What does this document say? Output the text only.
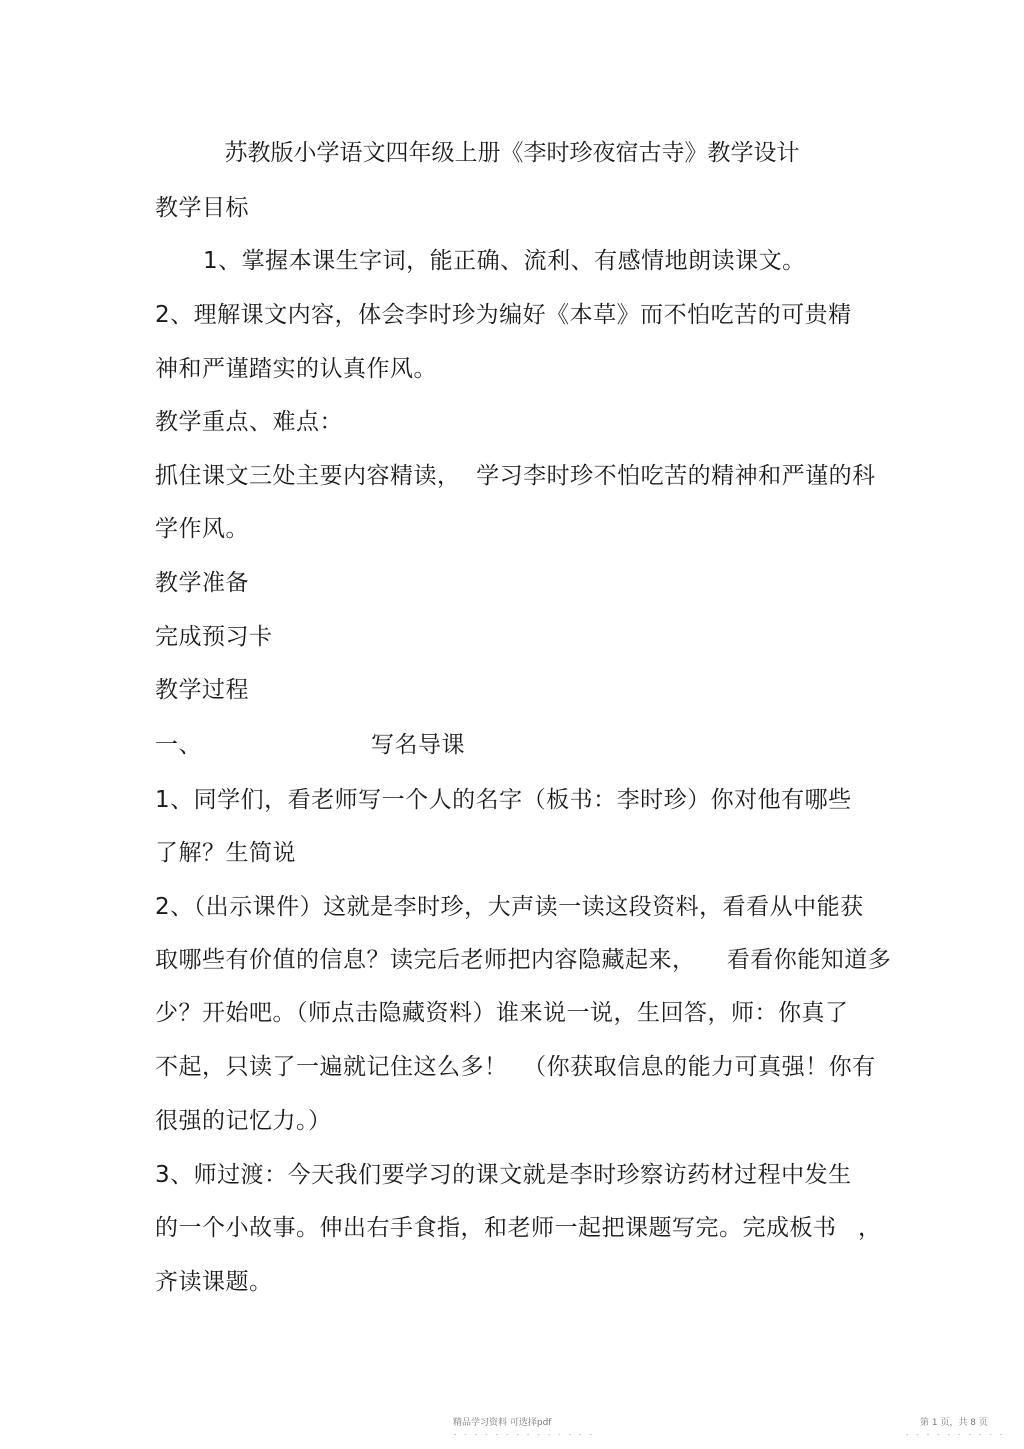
苏教版小学语文四年级上册《李时珍夜宿古寺》教学设计
教学目标
1、掌握本课生字词，能正确、流利、有感情地朗读课文。
2、理解课文内容，体会李时珍为编好《本草》而不怕吃苦的可贵精
神和严谨踏实的认真作风。
教学重点、难点：
抓住课文三处主要内容精读，  学习李时珍不怕吃苦的精神和严谨的科
学作风。
教学准备
完成预习卡
教学过程
一、	写名导课
1、同学们，看老师写一个人的名字（板书：李时珍）你对他有哪些
了解？生简说
2、（出示课件）这就是李时珍，大声读一读这段资料，看看从中能获
取哪些有价值的信息？读完后老师把内容隐藏起来，    看看你能知道多
少？开始吧。（师点击隐藏资料）谁来说一说，生回答，师：你真了
不起，只读了一遍就记住这么多！  （你获取信息的能力可真强！你有
很强的记忆力。）
3、师过渡：今天我们要学习的课文就是李时珍察访药材过程中发生
的一个小故事。伸出右手食指，和老师一起把课题写完。完成板书 ，
齐读课题。
精品学习资料 可选择pdf	第 1 页，共 8 页
- - - - - - - - - - - - - -	- - - - - - - - - -
